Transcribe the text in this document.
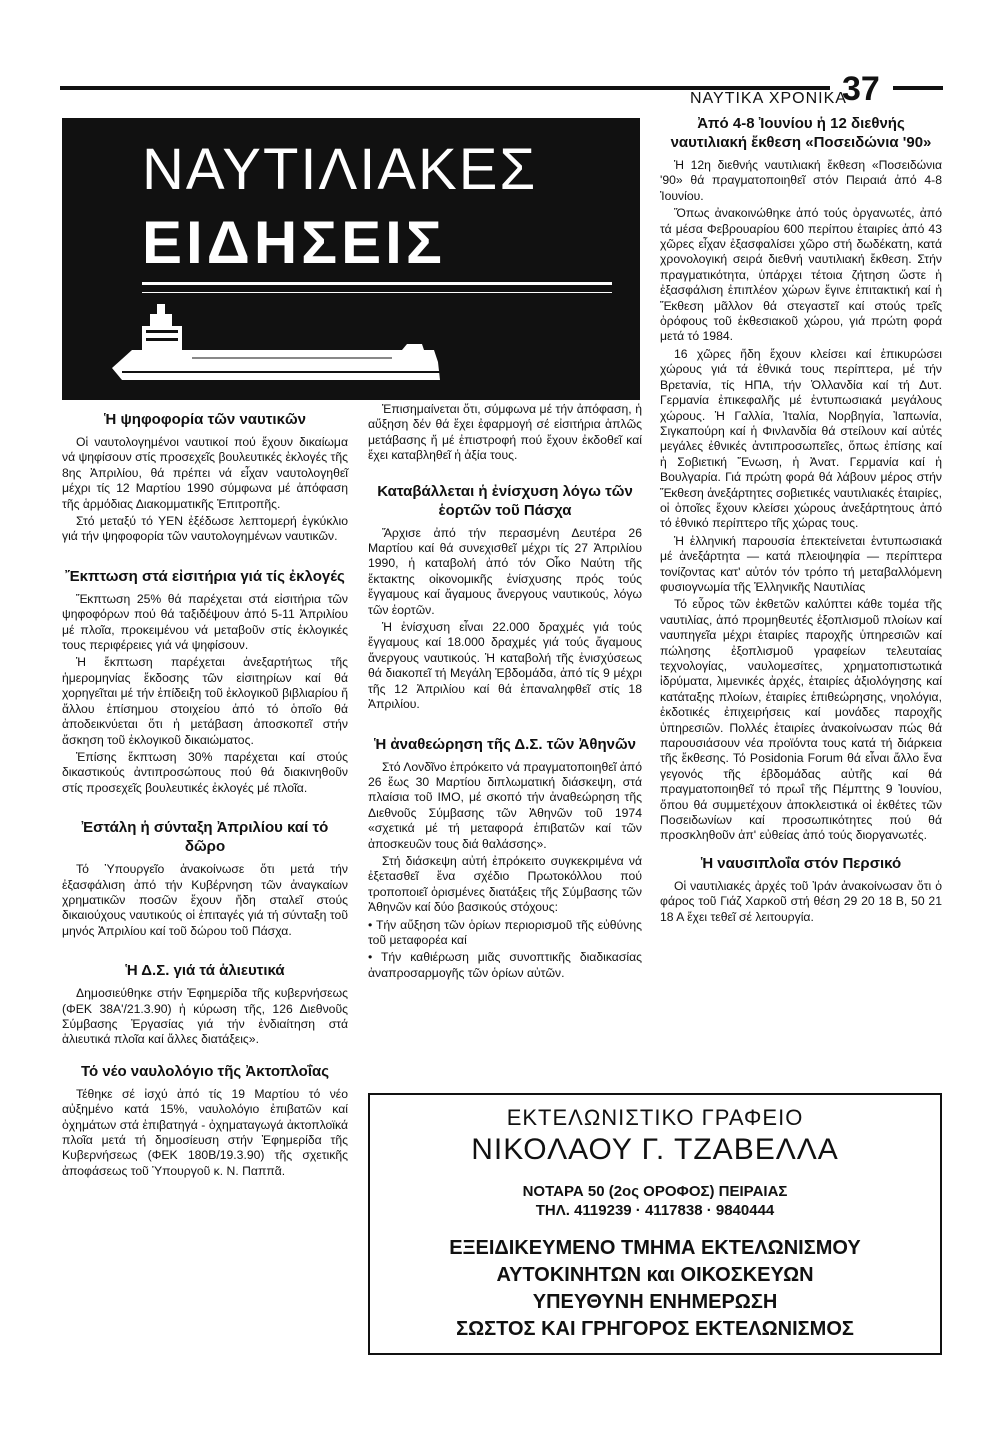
ΝΑΥΤΙΚΑ ΧΡΟΝΙΚΑ
37
ΝΑΥΤΙΛΙΑΚΕΣ
ΕΙΔΗΣΕΙΣ
Ἡ ψηφοφορία τῶν ναυτικῶν

Οἱ ναυτολογημένοι ναυτικοί πού ἔχουν δικαίωμα νά ψηφίσουν στίς προσεχεῖς βουλευτικές ἐκλογές τῆς 8ης Ἀπριλίου, θά πρέπει νά εἶχαν ναυτολογηθεῖ μέχρι τίς 12 Μαρτίου 1990 σύμφωνα μέ ἀπόφαση τῆς ἁρμόδιας Διακομματικῆς Ἐπιτροπῆς.

Στό μεταξύ τό ΥΕΝ ἐξέδωσε λεπτομερή ἐγκύκλιο γιά τήν ψηφοφορία τῶν ναυτολογημένων ναυτικῶν.

Ἔκπτωση στά εἰσιτήρια γιά τίς ἐκλογές

Ἔκπτωση 25% θά παρέχεται στά εἰσιτήρια τῶν ψηφοφόρων πού θά ταξιδέψουν ἀπό 5-11 Ἀπριλίου μέ πλοῖα, προκειμένου νά μεταβοῦν στίς ἐκλογικές τους περιφέρειες γιά νά ψηφίσουν.

Ἡ ἔκπτωση παρέχεται ἀνεξαρτήτως τῆς ἡμερομηνίας ἔκδοσης τῶν εἰσιτηρίων καί θά χορηγεῖται μέ τήν ἐπίδειξη τοῦ ἐκλογικοῦ βιβλιαρίου ἤ ἄλλου ἐπίσημου στοιχείου ἀπό τό ὁποῖο θά ἀποδεικνύεται ὅτι ἡ μετάβαση ἀποσκοπεῖ στήν ἄσκηση τοῦ ἐκλογικοῦ δικαιώματος.

Ἐπίσης ἔκπτωση 30% παρέχεται καί στούς δικαστικούς ἀντιπροσώπους πού θά διακινηθοῦν στίς προσεχεῖς βουλευτικές ἐκλογές μέ πλοῖα.

Ἐστάλη ἡ σύνταξη Ἀπριλίου καί τό δῶρο

Τό Ὑπουργεῖο ἀνακοίνωσε ὅτι μετά τήν ἐξασφάλιση ἀπό τήν Κυβέρνηση τῶν ἀναγκαίων χρηματικῶν ποσῶν ἔχουν ἤδη σταλεῖ στούς δικαιούχους ναυτικούς οἱ ἐπιταγές γιά τή σύνταξη τοῦ μηνός Ἀπριλίου καί τοῦ δώρου τοῦ Πάσχα.

Ἡ Δ.Σ. γιά τά ἁλιευτικά

Δημοσιεύθηκε στήν Ἐφημερίδα τῆς κυβερνήσεως (ΦΕΚ 38Α'/21.3.90) ἡ κύρωση τῆς, 126 Διεθνοῦς Σύμβασης Ἐργασίας γιά τήν ἐνδιαίτηση στά ἁλιευτικά πλοῖα καί ἄλλες διατάξεις».

Τό νέο ναυλολόγιο τῆς Ἀκτοπλοΐας

Τέθηκε σέ ἰσχύ ἀπό τίς 19 Μαρτίου τό νέο αὐξημένο κατά 15%, ναυλολόγιο ἐπιβατῶν καί ὀχημάτων στά ἐπιβατηγά - ὀχηματαγωγά ἀκτοπλοϊκά πλοῖα μετά τή δημοσίευση στήν Ἐφημερίδα τῆς Κυβερνήσεως (ΦΕΚ 180Β/19.3.90) τῆς σχετικῆς ἀποφάσεως τοῦ Ὑπουργοῦ κ. Ν. Παππᾶ.

Ἐπισημαίνεται ὅτι, σύμφωνα μέ τήν ἀπόφαση, ἡ αὔξηση δέν θά ἔχει ἐφαρμογή σέ εἰσιτήρια ἁπλῶς μετάβασης ἤ μέ ἐπιστροφή πού ἔχουν ἐκδοθεῖ καί ἔχει καταβληθεῖ ἡ ἀξία τους.

Καταβάλλεται ἡ ἐνίσχυση λόγω τῶν ἑορτῶν τοῦ Πάσχα

Ἄρχισε ἀπό τήν περασμένη Δευτέρα 26 Μαρτίου καί θά συνεχισθεῖ μέχρι τίς 27 Ἀπριλίου 1990, ἡ καταβολή ἀπό τόν Οἶκο Ναύτη τῆς ἔκτακτης οἰκονομικῆς ἐνίσχυσης πρός τούς ἔγγαμους καί ἄγαμους ἄνεργους ναυτικούς, λόγω τῶν ἑορτῶν.

Ἡ ἐνίσχυση εἶναι 22.000 δραχμές γιά τούς ἔγγαμους καί 18.000 δραχμές γιά τούς ἄγαμους ἄνεργους ναυτικούς. Ἡ καταβολή τῆς ἐνισχύσεως θά διακοπεῖ τή Μεγάλη Ἑβδομάδα, ἀπό τίς 9 μέχρι τῆς 12 Ἀπριλίου καί θά ἐπαναληφθεῖ στίς 18 Ἀπριλίου.

Ἡ ἀναθεώρηση τῆς Δ.Σ. τῶν Ἀθηνῶν

Στό Λονδῖνο ἐπρόκειτο νά πραγματοποιηθεῖ ἀπό 26 ἕως 30 Μαρτίου διπλωματική διάσκεψη, στά πλαίσια τοῦ ΙΜΟ, μέ σκοπό τήν ἀναθεώρηση τῆς Διεθνοῦς Σύμβασης τῶν Ἀθηνῶν τοῦ 1974 «σχετικά μέ τή μεταφορά ἐπιβατῶν καί τῶν ἀποσκευῶν τους διά θαλάσσης».

Στή διάσκεψη αὐτή ἐπρόκειτο συγκεκριμένα νά ἐξετασθεῖ ἕνα σχέδιο Πρωτοκόλλου πού τροποποιεῖ ὁρισμένες διατάξεις τῆς Σύμβασης τῶν Ἀθηνῶν καί δύο βασικούς στόχους:

• Τήν αὔξηση τῶν ὁρίων περιορισμοῦ τῆς εὐθύνης τοῦ μεταφορέα καί

• Τήν καθιέρωση μιᾶς συνοπτικῆς διαδικασίας ἀναπροσαρμογῆς τῶν ὁρίων αὐτῶν.

Ἀπό 4-8 Ἰουνίου ἡ 12 διεθνής ναυτιλιακή ἔκθεση «Ποσειδώνια '90»

Ἡ 12η διεθνής ναυτιλιακή ἔκθεση «Ποσειδώνια '90» θά πραγματοποιηθεῖ στόν Πειραιά ἀπό 4-8 Ἰουνίου.

Ὅπως ἀνακοινώθηκε ἀπό τούς ὀργανωτές, ἀπό τά μέσα Φεβρουαρίου 600 περίπου ἑταιρίες ἀπό 43 χῶρες εἶχαν ἐξασφαλίσει χῶρο στή δωδέκατη, κατά χρονολογική σειρά διεθνή ναυτιλιακή ἔκθεση. Στήν πραγματικότητα, ὑπάρχει τέτοια ζήτηση ὥστε ἡ ἐξασφάλιση ἐπιπλέον χώρων ἔγινε ἐπιτακτική καί ἡ Ἔκθεση μᾶλλον θά στεγαστεῖ καί στούς τρεῖς ὀρόφους τοῦ ἐκθεσιακοῦ χώρου, γιά πρώτη φορά μετά τό 1984.

16 χῶρες ἤδη ἔχουν κλείσει καί ἐπικυρώσει χώρους γιά τά ἐθνικά τους περίπτερα, μέ τήν Βρετανία, τίς ΗΠΑ, τήν Ὁλλανδία καί τή Δυτ. Γερμανία ἐπικεφαλῆς μέ ἐντυπωσιακά μεγάλους χώρους. Ἡ Γαλλία, Ἰταλία, Νορβηγία, Ἰαπωνία, Σιγκαπούρη καί ἡ Φινλανδία θά στείλουν καί αὐτές μεγάλες ἐθνικές ἀντιπροσωπεῖες, ὅπως ἐπίσης καί ἡ Σοβιετική Ἕνωση, ἡ Ἀνατ. Γερμανία καί ἡ Βουλγαρία. Γιά πρώτη φορά θά λάβουν μέρος στήν Ἔκθεση ἀνεξάρτητες σοβιετικές ναυτιλιακές ἑταιρίες, οἱ ὁποῖες ἔχουν κλείσει χώρους ἀνεξάρτητους ἀπό τό ἐθνικό περίπτερο τῆς χώρας τους.

Ἡ ἑλληνική παρουσία ἐπεκτείνεται ἐντυπωσιακά μέ ἀνεξάρτητα — κατά πλειοψηφία — περίπτερα τονίζοντας κατ' αὐτόν τόν τρόπο τή μεταβαλλόμενη φυσιογνωμία τῆς Ἑλληνικῆς Ναυτιλίας

Τό εὖρος τῶν ἐκθετῶν καλύπτει κάθε τομέα τῆς ναυτιλίας, ἀπό προμηθευτές ἐξοπλισμοῦ πλοίων καί ναυπηγεῖα μέχρι ἑταιρίες παροχῆς ὑπηρεσιῶν καί πώλησης ἐξοπλισμοῦ γραφείων τελευταίας τεχνολογίας, ναυλομεσίτες, χρηματοπιστωτικά ἱδρύματα, λιμενικές ἀρχές, ἑταιρίες ἀξιολόγησης καί κατάταξης πλοίων, ἑταιρίες ἐπιθεώρησης, νηολόγια, ἐκδοτικές ἐπιχειρήσεις καί μονάδες παροχῆς ὑπηρεσιῶν. Πολλές ἑταιρίες ἀνακοίνωσαν πώς θά παρουσιάσουν νέα προϊόντα τους κατά τή διάρκεια τῆς ἔκθεσης. Τό Posidonia Forum θά εἶναι ἄλλο ἕνα γεγονός τῆς ἑβδομάδας αὐτῆς καί θά πραγματοποιηθεῖ τό πρωΐ τῆς Πέμπτης 9 Ἰουνίου, ὅπου θά συμμετέχουν ἀποκλειστικά οἱ ἐκθέτες τῶν Ποσειδωνίων καί προσωπικότητες πού θά προσκληθοῦν ἀπ' εὐθείας ἀπό τούς διοργανωτές.

Ἡ ναυσιπλοΐα στόν Περσικό

Οἱ ναυτιλιακές ἀρχές τοῦ Ἰράν ἀνακοίνωσαν ὅτι ὁ φάρος τοῦ Γιάζ Χαρκοῦ στή θέση 29 20 18 Β, 50 21 18 Α ἔχει τεθεῖ σέ λειτουργία.

ΕΚΤΕΛΩΝΙΣΤΙΚΟ ΓΡΑΦΕΙΟ
ΝΙΚΟΛΑΟΥ Γ. ΤΖΑΒΕΛΛΑ
ΝΟΤΑΡΑ 50 (2ος ΟΡΟΦΟΣ) ΠΕΙΡΑΙΑΣ
ΤΗΛ. 4119239 · 4117838 · 9840444
ΕΞΕΙΔΙΚΕΥΜΕΝΟ ΤΜΗΜΑ ΕΚΤΕΛΩΝΙΣΜΟΥ
ΑΥΤΟΚΙΝΗΤΩΝ και ΟΙΚΟΣΚΕΥΩΝ
ΥΠΕΥΘΥΝΗ ΕΝΗΜΕΡΩΣΗ
ΣΩΣΤΟΣ ΚΑΙ ΓΡΗΓΟΡΟΣ ΕΚΤΕΛΩΝΙΣΜΟΣ
